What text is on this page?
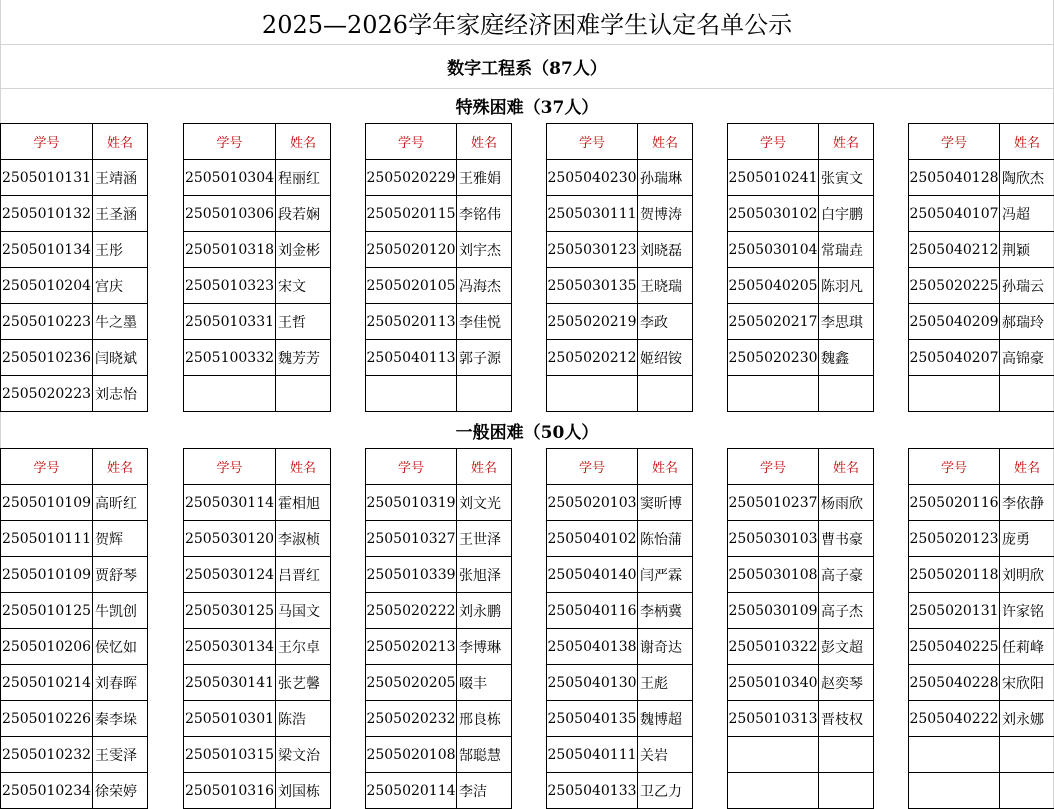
2025—2026学年家庭经济困难学生认定名单公示
数字工程系（87人）
特殊困难（37人）
一般困难（50人）
学号	姓名
2505010131	王靖涵
2505010132	王圣涵
2505010134	王彤
2505010204	宫庆
2505010223	牛之墨
2505010236	闫晓斌
2505020223	刘志怡
学号	姓名
2505010304	程丽红
2505010306	段若娴
2505010318	刘金彬
2505010323	宋文
2505010331	王哲
2505100332	魏芳芳

学号	姓名
2505020229	王雅娟
2505020115	李铭伟
2505020120	刘宇杰
2505020105	冯海杰
2505020113	李佳悦
2505040113	郭子源

学号	姓名
2505040230	孙瑞琳
2505030111	贺博涛
2505030123	刘晓磊
2505030135	王晓瑞
2505020219	李政
2505020212	姬绍铵

学号	姓名
2505010241	张寅文
2505030102	白宇鹏
2505030104	常瑞垚
2505040205	陈羽凡
2505020217	李思琪
2505020230	魏鑫

学号	姓名
2505040128	陶欣杰
2505040107	冯超
2505040212	荆颖
2505020225	孙瑞云
2505040209	郝瑞玲
2505040207	高锦豪

学号	姓名
2505010109	高昕红
2505010111	贺辉
2505010109	贾舒琴
2505010125	牛凯创
2505010206	侯忆如
2505010214	刘春晖
2505010226	秦李垛
2505010232	王雯泽
2505010234	徐荣婷
学号	姓名
2505030114	霍相旭
2505030120	李淑桢
2505030124	吕晋红
2505030125	马国文
2505030134	王尔卓
2505030141	张艺馨
2505010301	陈浩
2505010315	梁文治
2505010316	刘国栋
学号	姓名
2505010319	刘文光
2505010327	王世泽
2505010339	张旭泽
2505020222	刘永鹏
2505020213	李博琳
2505020205	啜丰
2505020232	邢良栋
2505020108	郜聪慧
2505020114	李洁
学号	姓名
2505020103	窦昕博
2505040102	陈怡蒲
2505040140	闫严霖
2505040116	李柄冀
2505040138	谢奇达
2505040130	王彪
2505040135	魏博超
2505040111	关岩
2505040133	卫乙力
学号	姓名
2505010237	杨雨欣
2505030103	曹书豪
2505030108	高子豪
2505030109	高子杰
2505010322	彭文超
2505010340	赵奕琴
2505010313	晋枝权

学号	姓名
2505020116	李依静
2505020123	庞勇
2505020118	刘明欣
2505020131	许家铭
2505040225	任莉峰
2505040228	宋欣阳
2505040222	刘永娜
